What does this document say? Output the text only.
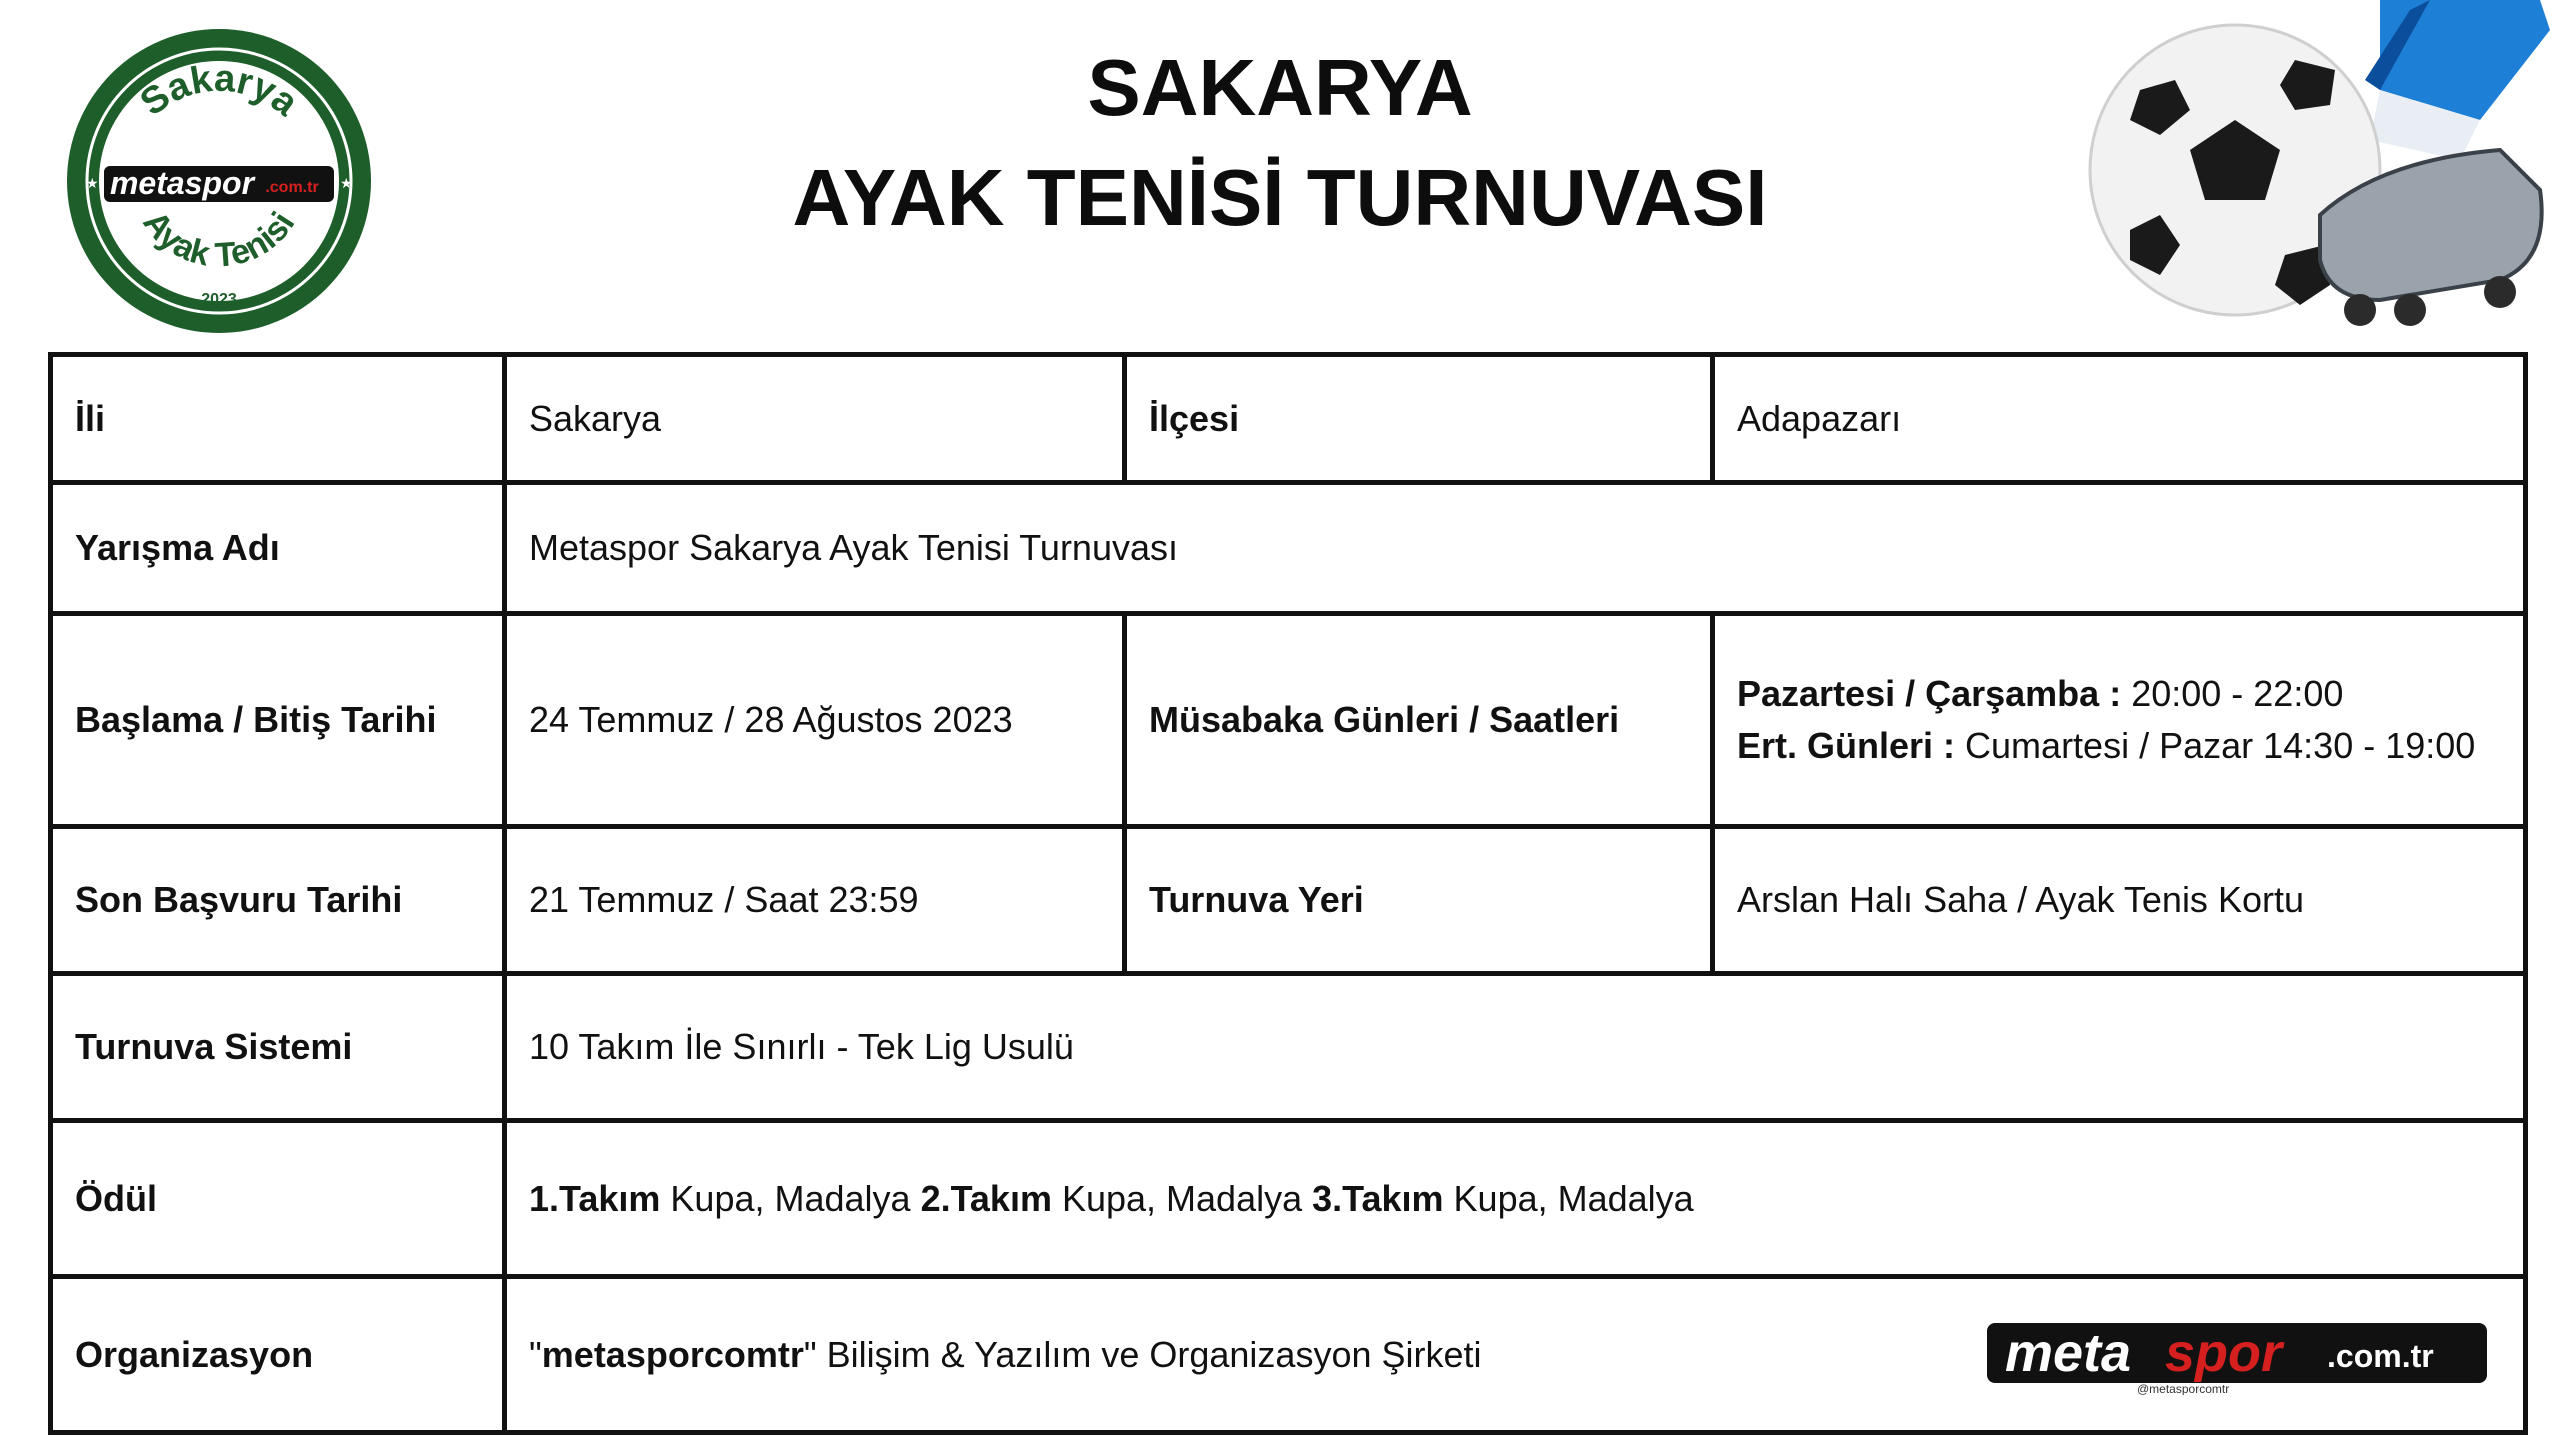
SAKARYA
AYAK TENİSİ TURNUVASI
Sakarya
metaspor .com.tr
Ayak Tenisi
2023
★	★
İli	Sakarya	İlçesi	Adapazarı
Yarışma Adı	Metaspor Sakarya Ayak Tenisi Turnuvası		
Başlama / Bitiş Tarihi	24 Temmuz / 28 Ağustos 2023	Müsabaka Günleri / Saatleri	Pazartesi / Çarşamba : 20:00 - 22:00
Ert. Günleri : Cumartesi / Pazar 14:30 - 19:00
Son Başvuru Tarihi	21 Temmuz / Saat 23:59	Turnuva Yeri	Arslan Halı Saha / Ayak Tenis Kortu
Turnuva Sistemi	10 Takım İle Sınırlı - Tek Lig Usulü		
Ödül	1.Takım Kupa, Madalya 2.Takım Kupa, Madalya 3.Takım Kupa, Madalya		
Organizasyon	"metasporcomtr" Bilişim & Yazılım ve Organizasyon Şirketi meta spor .com.tr
@metasporcomtr		
